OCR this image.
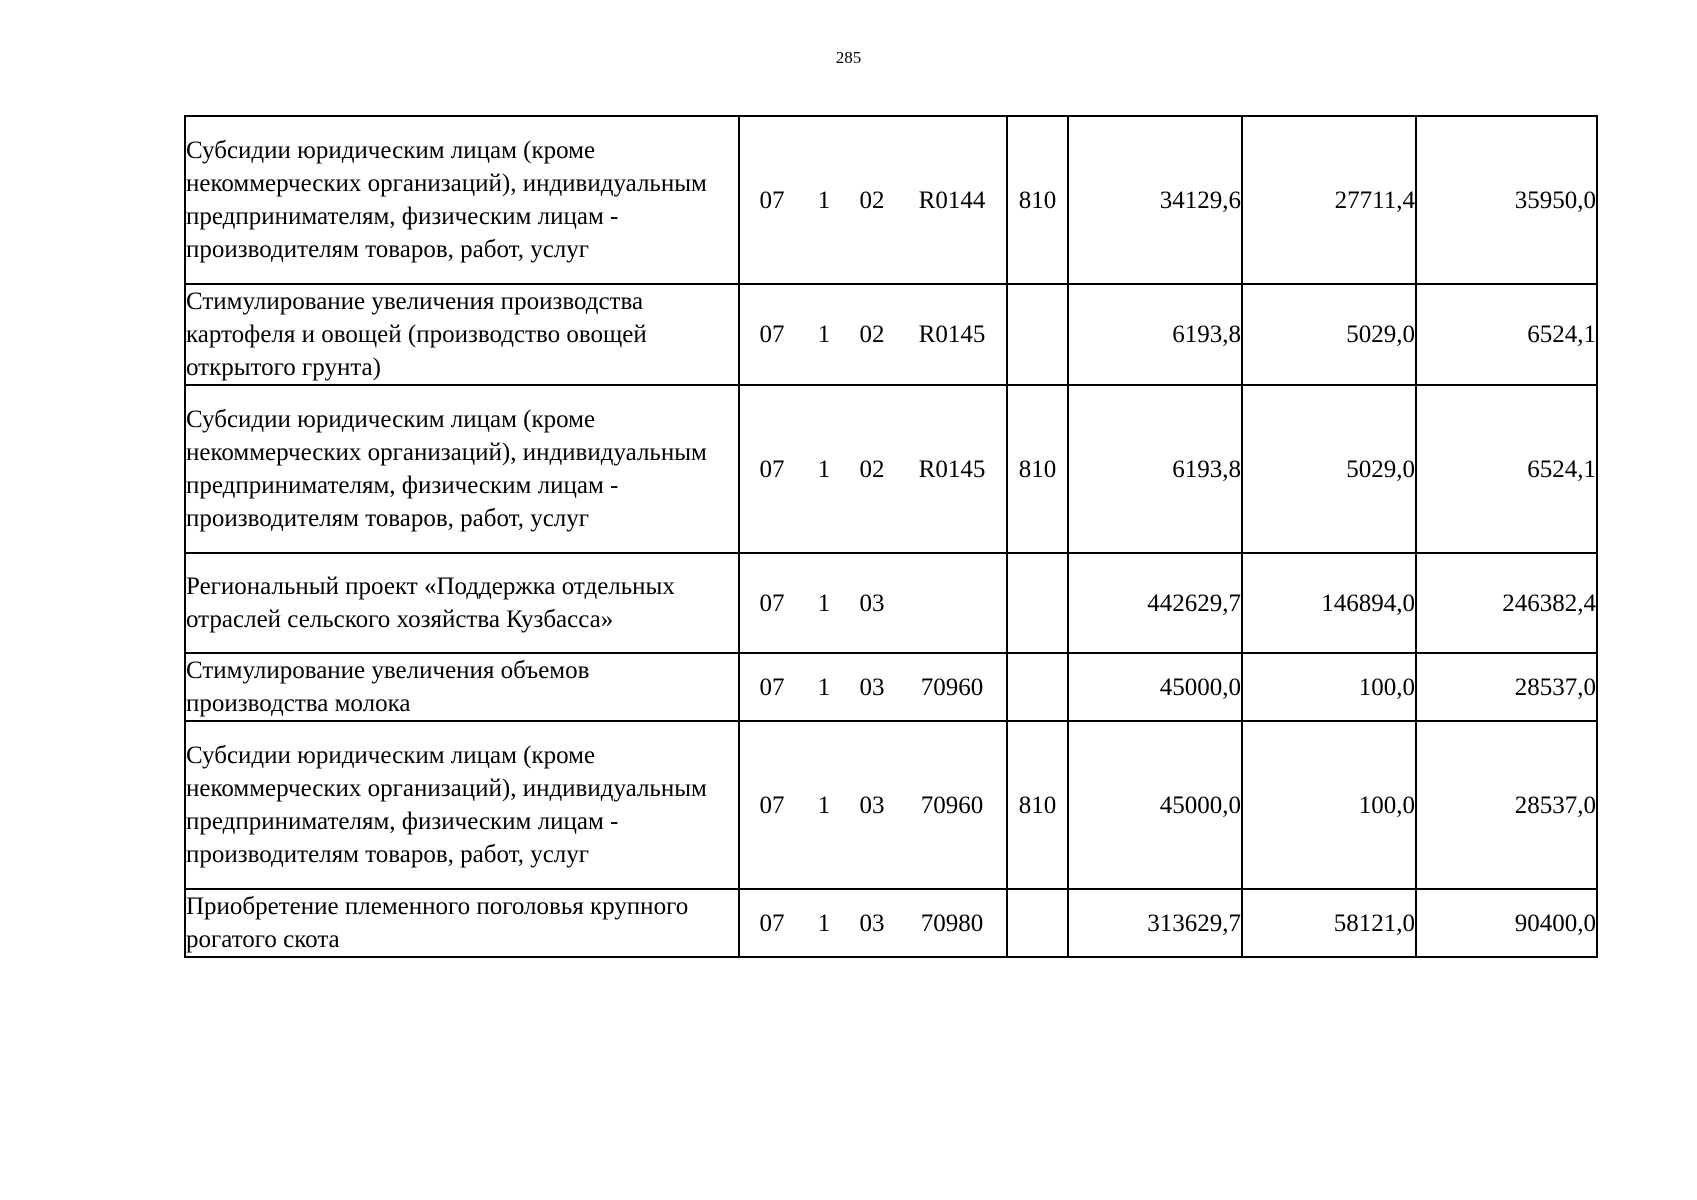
285
Субсидии юридическим лицам (кроме некоммерческих организаций), индивидуальным предпринимателям, физическим лицам - производителям товаров, работ, услуг	07 1 02 R0144	810	34129,6	27711,4	35950,0
Стимулирование увеличения производства картофеля и овощей (производство овощей открытого грунта)	07 1 02 R0145		6193,8	5029,0	6524,1
Субсидии юридическим лицам (кроме некоммерческих организаций), индивидуальным предпринимателям, физическим лицам - производителям товаров, работ, услуг	07 1 02 R0145	810	6193,8	5029,0	6524,1
Региональный проект «Поддержка отдельных отраслей сельского хозяйства Кузбасса»	07 1 03		442629,7	146894,0	246382,4
Стимулирование увеличения объемов производства молока	07 1 03 70960		45000,0	100,0	28537,0
Субсидии юридическим лицам (кроме некоммерческих организаций), индивидуальным предпринимателям, физическим лицам - производителям товаров, работ, услуг	07 1 03 70960	810	45000,0	100,0	28537,0
Приобретение племенного поголовья крупного рогатого скота	07 1 03 70980		313629,7	58121,0	90400,0
